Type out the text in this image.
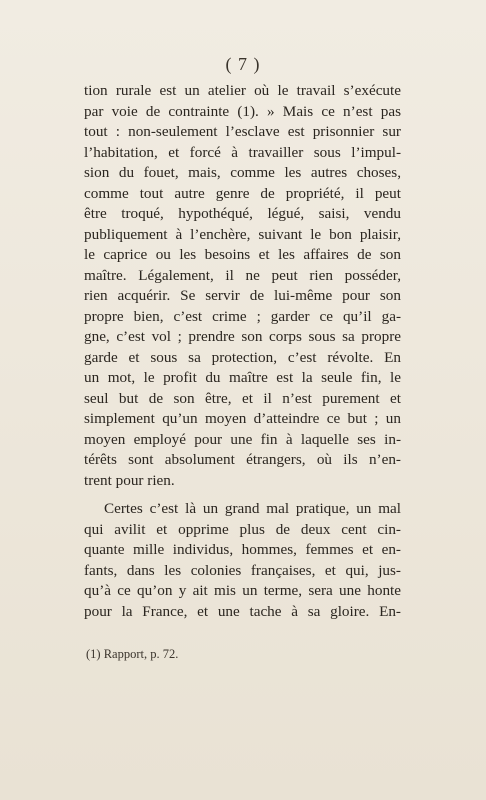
( 7 )
tion rurale est un atelier où le travail s’exécute
par voie de contrainte (1). » Mais ce n’est pas
tout : non-seulement l’esclave est prisonnier sur
l’habitation, et forcé à travailler sous l’impul-
sion du fouet, mais, comme les autres choses,
comme tout autre genre de propriété, il peut
être troqué, hypothéqué, légué, saisi, vendu
publiquement à l’enchère, suivant le bon plaisir,
le caprice ou les besoins et les affaires de son
maître. Légalement, il ne peut rien posséder,
rien acquérir. Se servir de lui-même pour son
propre bien, c’est crime ; garder ce qu’il ga-
gne, c’est vol ; prendre son corps sous sa propre
garde et sous sa protection, c’est révolte. En
un mot, le profit du maître est la seule fin, le
seul but de son être, et il n’est purement et
simplement qu’un moyen d’atteindre ce but ; un
moyen employé pour une fin à laquelle ses in-
térêts sont absolument étrangers, où ils n’en-
trent pour rien.
Certes c’est là un grand mal pratique, un mal
qui avilit et opprime plus de deux cent cin-
quante mille individus, hommes, femmes et en-
fants, dans les colonies françaises, et qui, jus-
qu’à ce qu’on y ait mis un terme, sera une honte
pour la France, et une tache à sa gloire. En-
(1) Rapport, p. 72.
